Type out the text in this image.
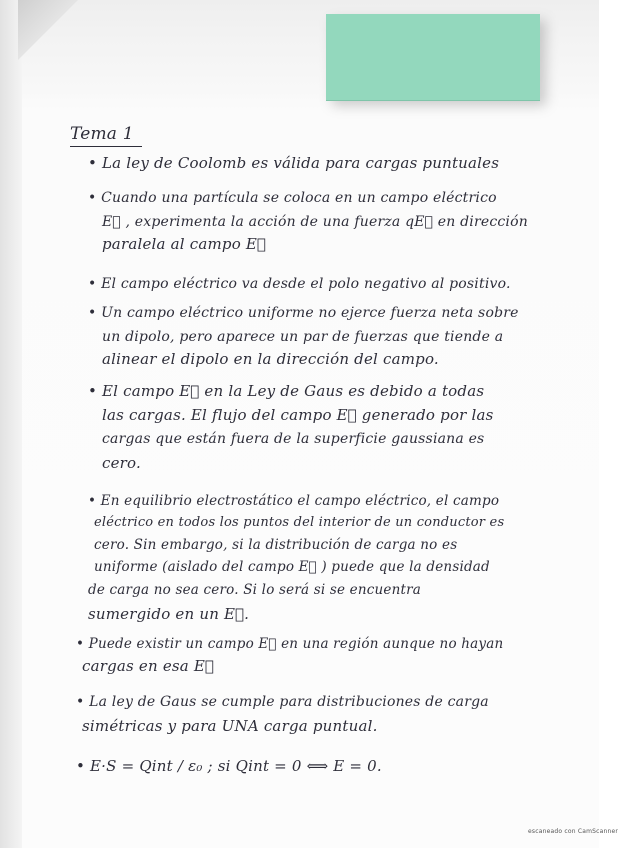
Tema 1
• La ley de Coolomb es válida para cargas puntuales
• Cuando una partícula se coloca en un campo eléctrico
E⃗ , experimenta la acción de una fuerza qE⃗ en dirección
paralela al campo E⃗
• El campo eléctrico va desde el polo negativo al positivo.
• Un campo eléctrico uniforme no ejerce fuerza neta sobre
un dipolo, pero aparece un par de fuerzas que tiende a
alinear el dipolo en la dirección del campo.
• El campo E⃗ en la Ley de Gaus es debido a todas
las cargas. El flujo del campo E⃗ generado por las
cargas que están fuera de la superficie gaussiana es
cero.
• En equilibrio electrostático el campo eléctrico, el campo
eléctrico en todos los puntos del interior de un conductor es
cero. Sin embargo, si la distribución de carga no es
uniforme (aislado del campo E⃗ ) puede que la densidad
de carga no sea cero. Si lo será si se encuentra
sumergido en un E⃗.
• Puede existir un campo E⃗ en una región aunque no hayan
cargas en esa E⃗
• La ley de Gaus se cumple para distribuciones de carga
simétricas y para UNA carga puntual.
• E·S = Qint / ε₀ ; si Qint = 0 ⟺ E = 0.
escaneado con CamScanner
